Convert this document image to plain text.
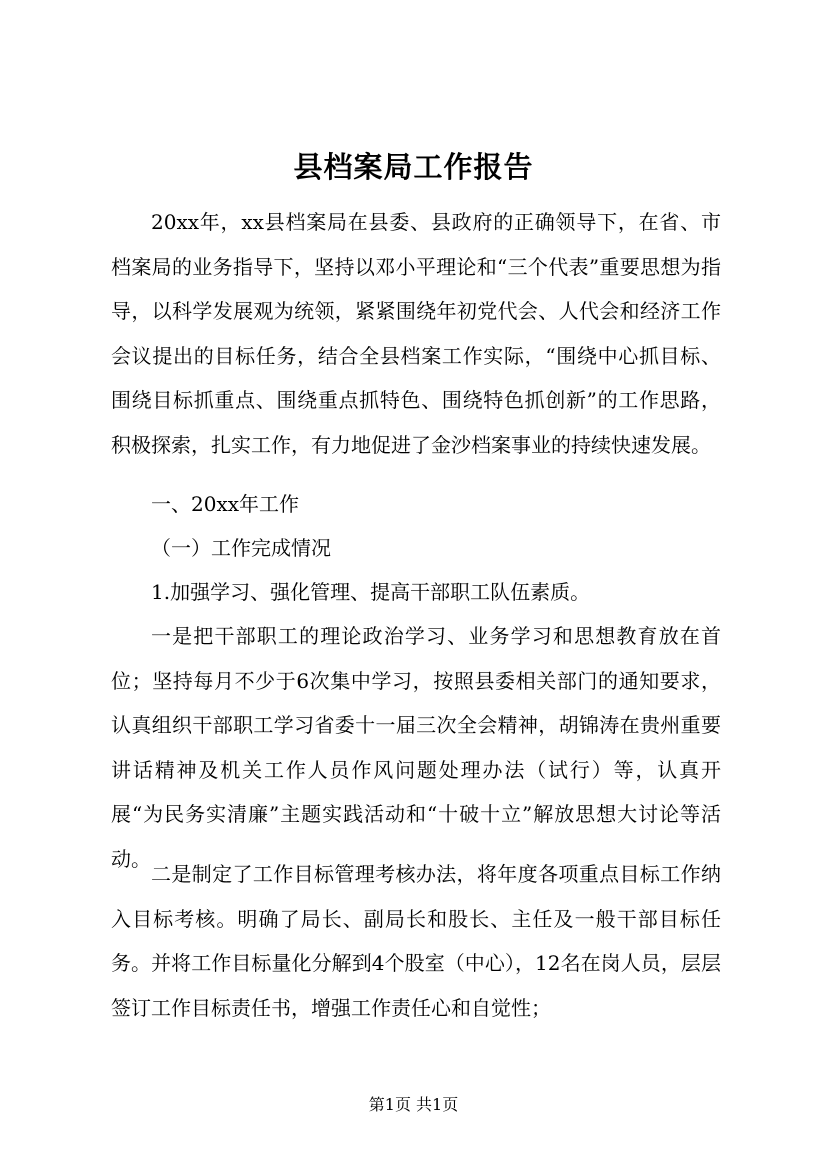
县档案局工作报告

20xx年，xx县档案局在县委、县政府的正确领导下，在省、市档案局的业务指导下，坚持以邓小平理论和“三个代表”重要思想为指导，以科学发展观为统领，紧紧围绕年初党代会、人代会和经济工作会议提出的目标任务，结合全县档案工作实际，“围绕中心抓目标、围绕目标抓重点、围绕重点抓特色、围绕特色抓创新”的工作思路，积极探索，扎实工作，有力地促进了金沙档案事业的持续快速发展。

一、20xx年工作

（一）工作完成情况

1.加强学习、强化管理、提高干部职工队伍素质。

一是把干部职工的理论政治学习、业务学习和思想教育放在首位；坚持每月不少于6次集中学习，按照县委相关部门的通知要求，认真组织干部职工学习省委十一届三次全会精神，胡锦涛在贵州重要讲话精神及机关工作人员作风问题处理办法（试行）等，认真开展“为民务实清廉”主题实践活动和“十破十立”解放思想大讨论等活动。

二是制定了工作目标管理考核办法，将年度各项重点目标工作纳入目标考核。明确了局长、副局长和股长、主任及一般干部目标任务。并将工作目标量化分解到4个股室（中心），12名在岗人员，层层签订工作目标责任书，增强工作责任心和自觉性；

第1页 共1页
